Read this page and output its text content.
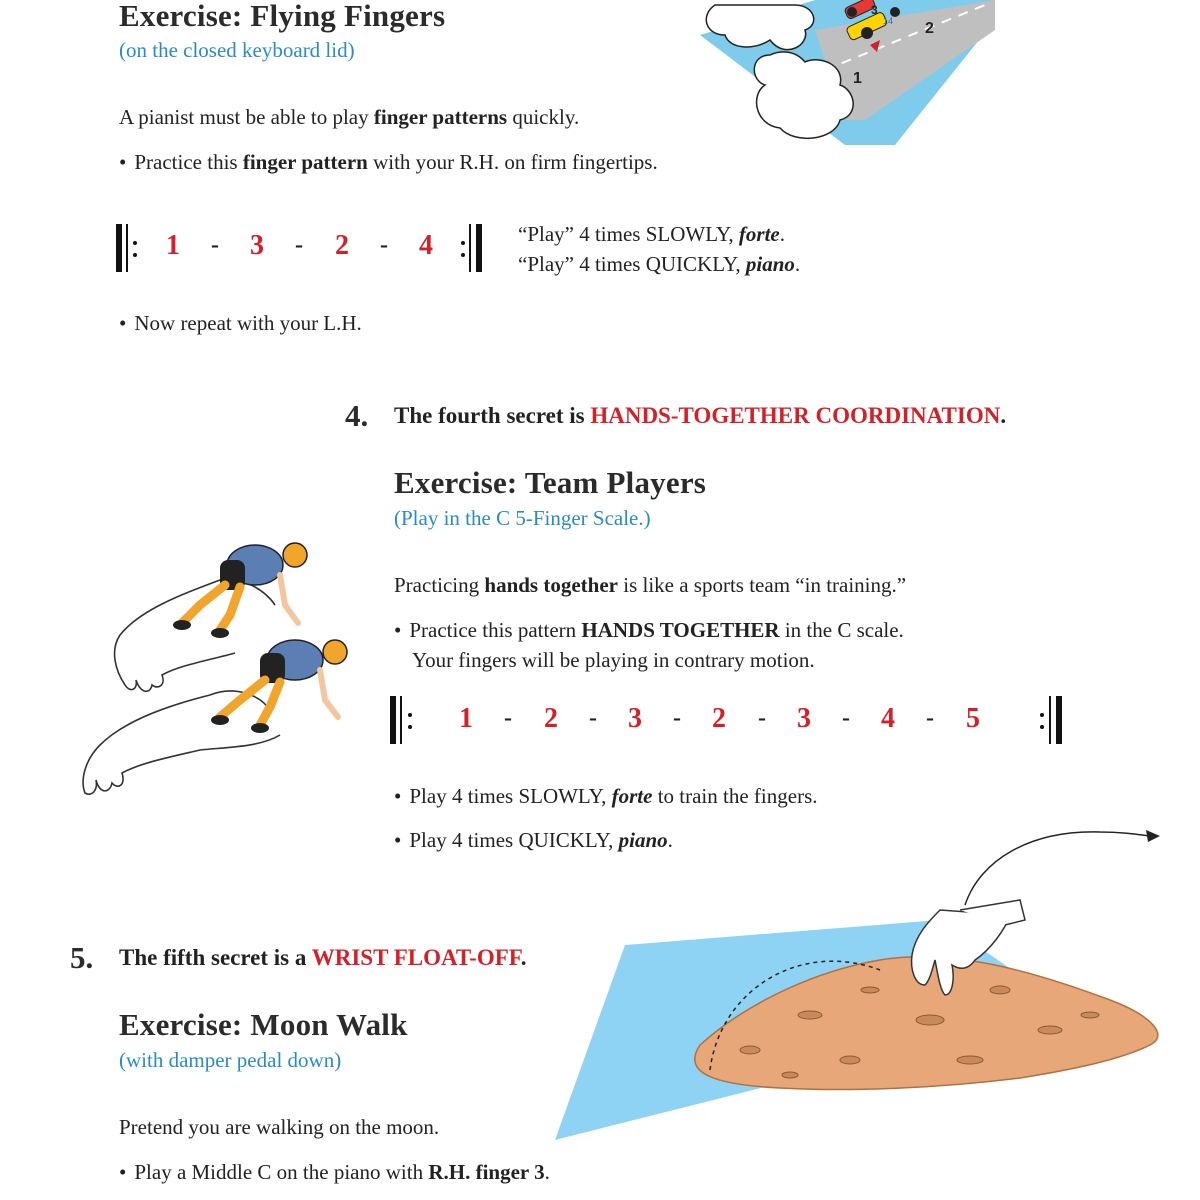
Exercise: Flying Fingers
(on the closed keyboard lid)
A pianist must be able to play finger patterns quickly.
• Practice this finger pattern with your R.H. on firm fingertips.
1	- 3	- 2	- 4	“Play” 4 times SLOWLY, forte.
“Play” 4 times QUICKLY, piano.
• Now repeat with your L.H.
14
1
2
3
4. The fourth secret is HANDS-TOGETHER COORDINATION.
Exercise: Team Players
(Play in the C 5-Finger Scale.)
Practicing hands together is like a sports team “in training.”
• Practice this pattern HANDS TOGETHER in the C scale.
Your fingers will be playing in contrary motion.
1	- 2	- 3	- 2	- 3	- 4	- 5
• Play 4 times SLOWLY, forte to train the fingers.
• Play 4 times QUICKLY, piano.
5. The fifth secret is a WRIST FLOAT-OFF.
Exercise: Moon Walk
(with damper pedal down)
Pretend you are walking on the moon.
• Play a Middle C on the piano with R.H. finger 3.
